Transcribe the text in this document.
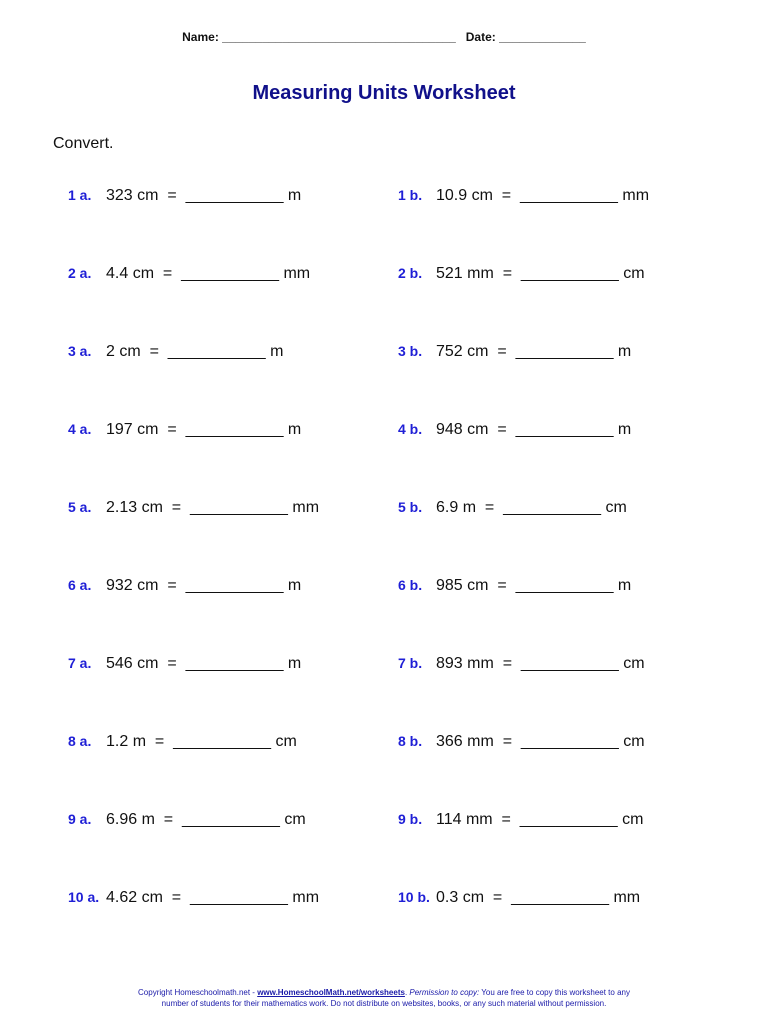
Name: ___________________________________ Date: _____________
Measuring Units Worksheet
Convert.
1 a. 323 cm  =  ___________ m
2 a. 4.4 cm  =  ___________ mm
3 a. 2 cm  =  ___________ m
4 a. 197 cm  =  ___________ m
5 a. 2.13 cm  =  ___________ mm
6 a. 932 cm  =  ___________ m
7 a. 546 cm  =  ___________ m
8 a. 1.2 m  =  ___________ cm
9 a. 6.96 m  =  ___________ cm
10 a. 4.62 cm  =  ___________ mm
1 b. 10.9 cm  =  ___________ mm
2 b. 521 mm  =  ___________ cm
3 b. 752 cm  =  ___________ m
4 b. 948 cm  =  ___________ m
5 b. 6.9 m  =  ___________ cm
6 b. 985 cm  =  ___________ m
7 b. 893 mm  =  ___________ cm
8 b. 366 mm  =  ___________ cm
9 b. 114 mm  =  ___________ cm
10 b. 0.3 cm  =  ___________ mm
Copyright Homeschoolmath.net - www.HomeschoolMath.net/worksheets. Permission to copy: You are free to copy this worksheet to any
number of students for their mathematics work. Do not distribute on websites, books, or any such material without permission.
